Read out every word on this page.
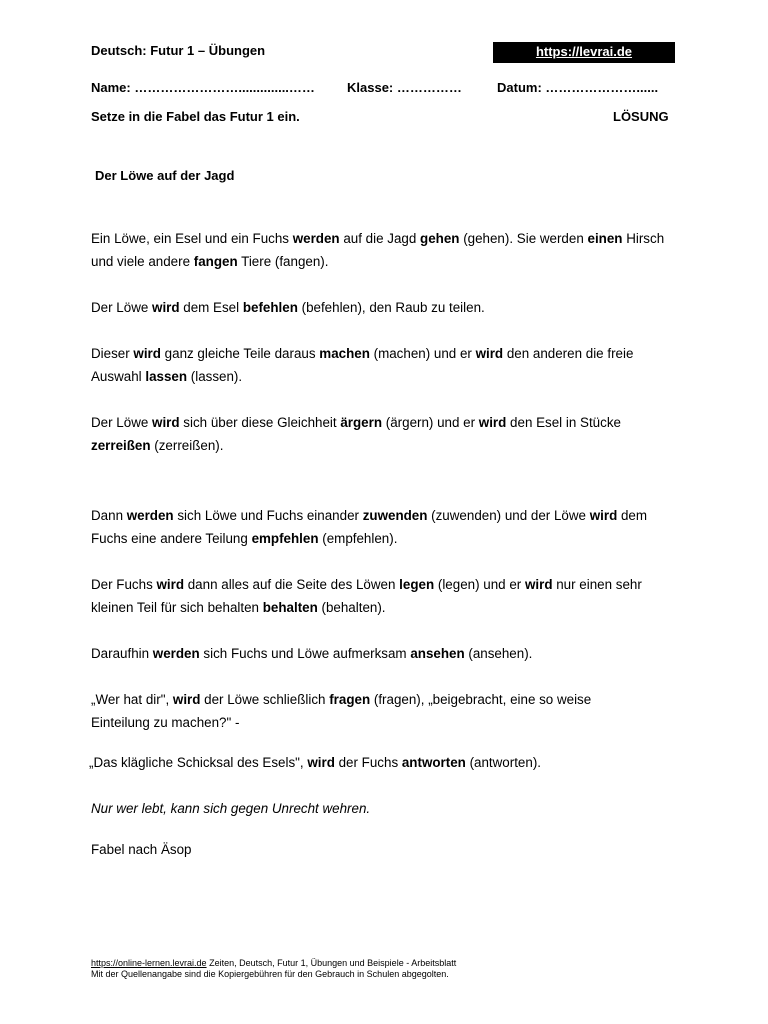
Deutsch: Futur 1 – Übungen	https://levrai.de
Name: ……………………..............…… Klasse: ……………	Datum: …………………......
Setze in die Fabel das Futur 1 ein.	LÖSUNG
Der Löwe auf der Jagd
Ein Löwe, ein Esel und ein Fuchs werden auf die Jagd gehen (gehen). Sie werden einen Hirsch und viele andere fangen Tiere (fangen).
Der Löwe wird dem Esel befehlen (befehlen), den Raub zu teilen.
Dieser wird ganz gleiche Teile daraus machen (machen) und er wird den anderen die freie Auswahl lassen (lassen).
Der Löwe wird sich über diese Gleichheit ärgern (ärgern) und er wird den Esel in Stücke zerreißen (zerreißen).
Dann werden sich Löwe und Fuchs einander zuwenden (zuwenden) und der Löwe wird dem Fuchs eine andere Teilung empfehlen (empfehlen).
Der Fuchs wird dann alles auf die Seite des Löwen legen (legen) und er wird nur einen sehr kleinen Teil für sich behalten behalten (behalten).
Daraufhin werden sich Fuchs und Löwe aufmerksam ansehen (ansehen).
„Wer hat dir", wird der Löwe schließlich fragen (fragen), „beigebracht, eine so weise Einteilung zu machen?" -
„Das klägliche Schicksal des Esels", wird der Fuchs antworten (antworten).
Nur wer lebt, kann sich gegen Unrecht wehren.
Fabel nach Äsop
https://online-lernen.levrai.de Zeiten, Deutsch, Futur 1, Übungen und Beispiele - Arbeitsblatt
Mit der Quellenangabe sind die Kopiergebühren für den Gebrauch in Schulen abgegolten.
